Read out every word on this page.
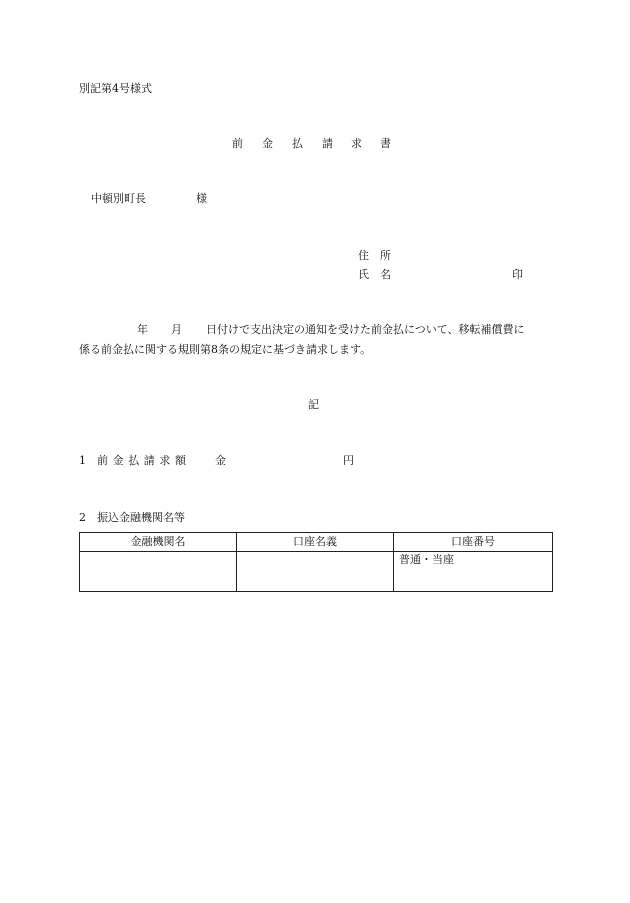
別記第4号様式
前 金 払 請 求 書
中頓別町長	様
住　所
氏　名	印
年 月 日付けで支出決定の通知を受けた前金払について、移転補償費に
係る前金払に関する規則第8条の規定に基づき請求します。
記
1 前金払請求額 金	円
2　振込金融機関名等
金融機関名	口座名義	口座番号
		普通・当座
